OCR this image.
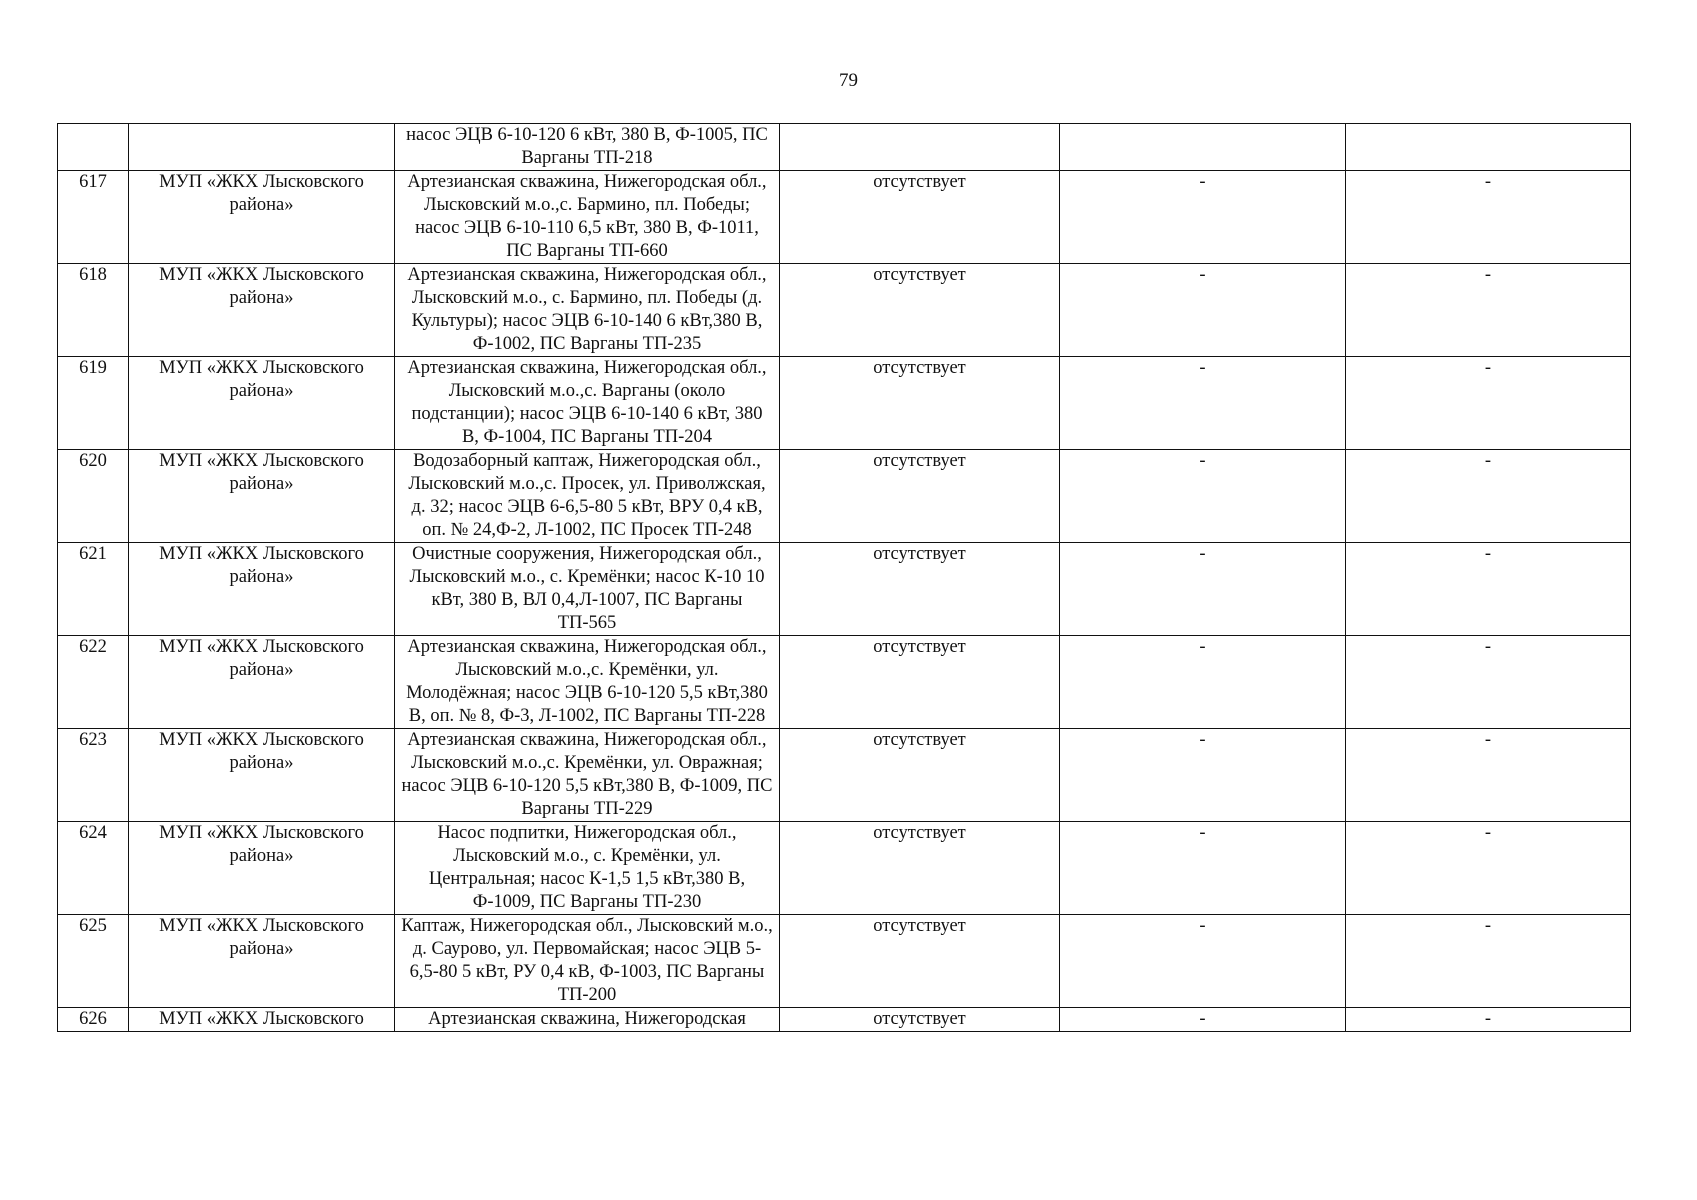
79
		насос ЭЦВ 6-10-120 6 кВт, 380 В, Ф-1005, ПС Варганы ТП-218			
617	МУП «ЖКХ Лысковского района»	Артезианская скважина, Нижегородская обл., Лысковский м.о.,с. Бармино, пл. Победы; насос ЭЦВ 6-10-110 6,5 кВт, 380 В, Ф-1011, ПС Варганы ТП-660	отсутствует	-	-
618	МУП «ЖКХ Лысковского района»	Артезианская скважина, Нижегородская обл., Лысковский м.о., с. Бармино, пл. Победы (д. Культуры); насос ЭЦВ 6-10-140 6 кВт,380 В, Ф-1002, ПС Варганы ТП-235	отсутствует	-	-
619	МУП «ЖКХ Лысковского района»	Артезианская скважина, Нижегородская обл., Лысковский м.о.,с. Варганы (около подстанции); насос ЭЦВ 6-10-140 6 кВт, 380 В, Ф-1004, ПС Варганы ТП-204	отсутствует	-	-
620	МУП «ЖКХ Лысковского района»	Водозаборный каптаж, Нижегородская обл., Лысковский м.о.,с. Просек, ул. Приволжская, д. 32; насос ЭЦВ 6-6,5-80 5 кВт, ВРУ 0,4 кВ, оп. № 24,Ф-2, Л-1002, ПС Просек ТП-248	отсутствует	-	-
621	МУП «ЖКХ Лысковского района»	Очистные сооружения, Нижегородская обл., Лысковский м.о., с. Кремёнки; насос К-10 10 кВт, 380 В, ВЛ 0,4,Л-1007, ПС Варганы ТП-565	отсутствует	-	-
622	МУП «ЖКХ Лысковского района»	Артезианская скважина, Нижегородская обл., Лысковский м.о.,с. Кремёнки, ул. Молодёжная; насос ЭЦВ 6-10-120 5,5 кВт,380 В, оп. № 8, Ф-3, Л-1002, ПС Варганы ТП-228	отсутствует	-	-
623	МУП «ЖКХ Лысковского района»	Артезианская скважина, Нижегородская обл., Лысковский м.о.,с. Кремёнки, ул. Овражная; насос ЭЦВ 6-10-120 5,5 кВт,380 В, Ф-1009, ПС Варганы ТП-229	отсутствует	-	-
624	МУП «ЖКХ Лысковского района»	Насос подпитки, Нижегородская обл., Лысковский м.о., с. Кремёнки, ул. Центральная; насос К-1,5 1,5 кВт,380 В, Ф-1009, ПС Варганы ТП-230	отсутствует	-	-
625	МУП «ЖКХ Лысковского района»	Каптаж, Нижегородская обл., Лысковский м.о., д. Саурово, ул. Первомайская; насос ЭЦВ 5-6,5-80 5 кВт, РУ 0,4 кВ, Ф-1003, ПС Варганы ТП-200	отсутствует	-	-
626	МУП «ЖКХ Лысковского	Артезианская скважина, Нижегородская	отсутствует	-	-
